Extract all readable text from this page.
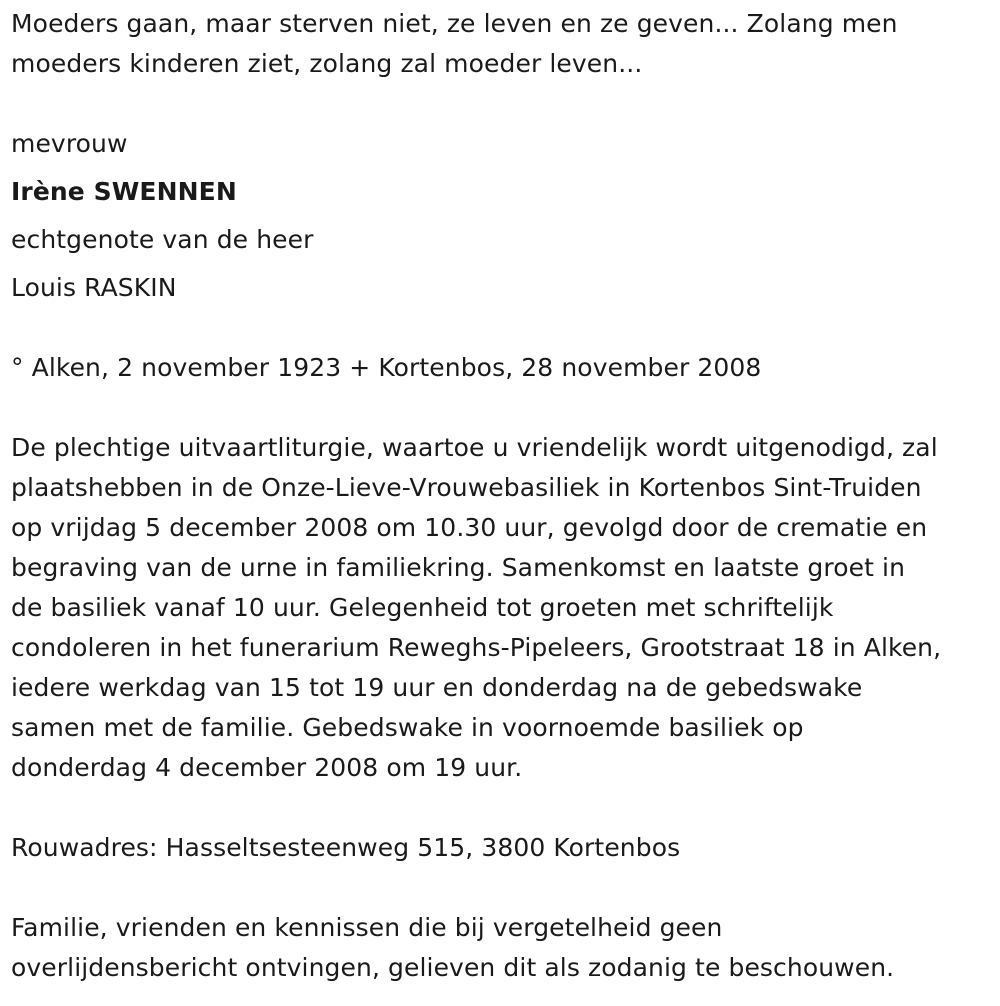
Moeders gaan, maar sterven niet, ze leven en ze geven... Zolang men
moeders kinderen ziet, zolang zal moeder leven...
mevrouw
Irène SWENNEN
echtgenote van de heer
Louis RASKIN
° Alken, 2 november 1923 + Kortenbos, 28 november 2008
De plechtige uitvaartliturgie, waartoe u vriendelijk wordt uitgenodigd, zal
plaatshebben in de Onze-Lieve-Vrouwebasiliek in Kortenbos Sint-Truiden
op vrijdag 5 december 2008 om 10.30 uur, gevolgd door de crematie en
begraving van de urne in familiekring. Samenkomst en laatste groet in
de basiliek vanaf 10 uur. Gelegenheid tot groeten met schriftelijk
condoleren in het funerarium Reweghs-Pipeleers, Grootstraat 18 in Alken,
iedere werkdag van 15 tot 19 uur en donderdag na de gebedswake
samen met de familie. Gebedswake in voornoemde basiliek op
donderdag 4 december 2008 om 19 uur.
Rouwadres: Hasseltsesteenweg 515, 3800 Kortenbos
Familie, vrienden en kennissen die bij vergetelheid geen
overlijdensbericht ontvingen, gelieven dit als zodanig te beschouwen.
